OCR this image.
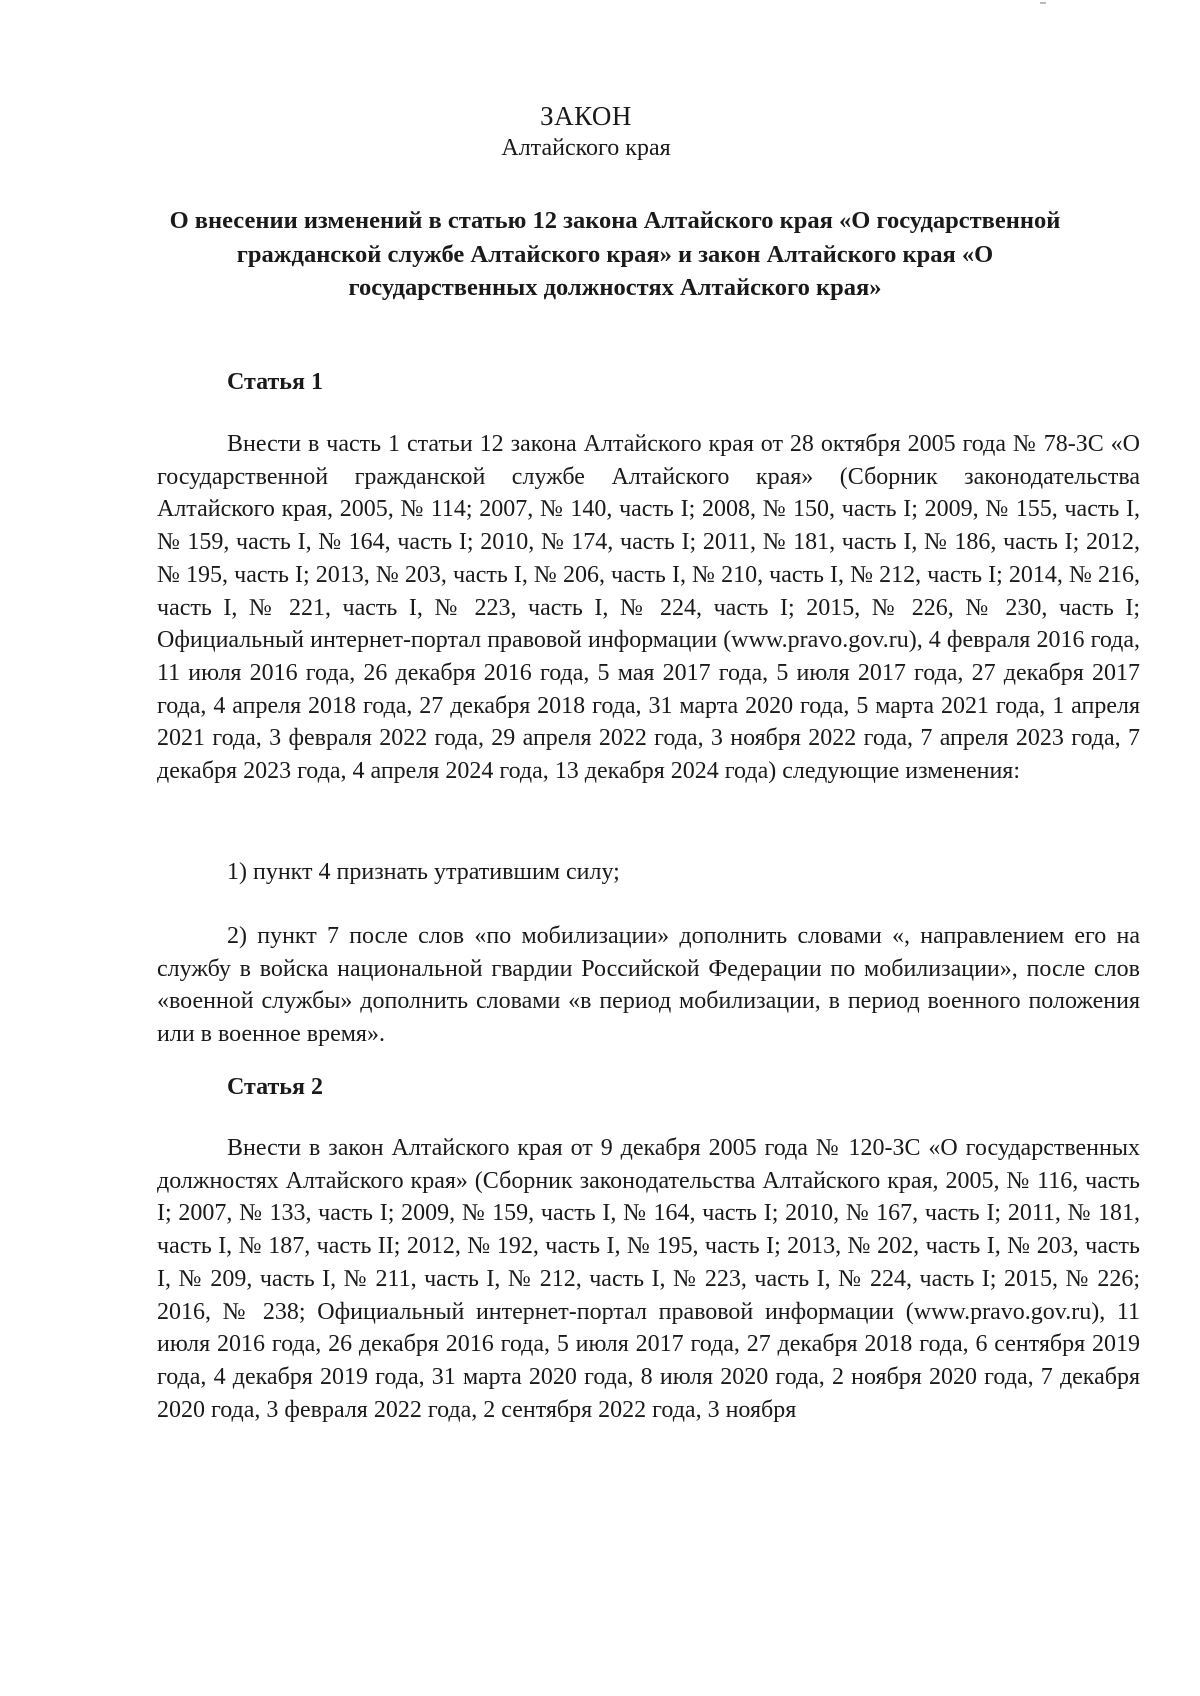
ЗАКОН
Алтайского края
О внесении изменений в статью 12 закона Алтайского края «О государственной гражданской службе Алтайского края» и закон Алтайского края «О государственных должностях Алтайского края»
Статья 1

Внести в часть 1 статьи 12 закона Алтайского края от 28 октября 2005 года № 78-ЗС «О государственной гражданской службе Алтайского края» (Сборник законодательства Алтайского края, 2005, № 114; 2007, № 140, часть I; 2008, № 150, часть I; 2009, № 155, часть I, № 159, часть I, № 164, часть I; 2010, № 174, часть I; 2011, № 181, часть I, № 186, часть I; 2012, № 195, часть I; 2013, № 203, часть I, № 206, часть I, № 210, часть I, № 212, часть I; 2014, № 216, часть I, № 221, часть I, № 223, часть I, № 224, часть I; 2015, № 226, № 230, часть I; Официальный интернет-портал правовой информации (www.pravo.gov.ru), 4 февраля 2016 года, 11 июля 2016 года, 26 декабря 2016 года, 5 мая 2017 года, 5 июля 2017 года, 27 декабря 2017 года, 4 апреля 2018 года, 27 декабря 2018 года, 31 марта 2020 года, 5 марта 2021 года, 1 апреля 2021 года, 3 февраля 2022 года, 29 апреля 2022 года, 3 ноября 2022 года, 7 апреля 2023 года, 7 декабря 2023 года, 4 апреля 2024 года, 13 декабря 2024 года) следующие изменения:

1) пункт 4 признать утратившим силу;

2) пункт 7 после слов «по мобилизации» дополнить словами «, направлением его на службу в войска национальной гвардии Российской Федерации по мобилизации», после слов «военной службы» дополнить словами «в период мобилизации, в период военного положения или в военное время».

Статья 2

Внести в закон Алтайского края от 9 декабря 2005 года № 120-ЗС «О государственных должностях Алтайского края» (Сборник законодательства Алтайского края, 2005, № 116, часть I; 2007, № 133, часть I; 2009, № 159, часть I, № 164, часть I; 2010, № 167, часть I; 2011, № 181, часть I, № 187, часть II; 2012, № 192, часть I, № 195, часть I; 2013, № 202, часть I, № 203, часть I, № 209, часть I, № 211, часть I, № 212, часть I, № 223, часть I, № 224, часть I; 2015, № 226; 2016, № 238; Официальный интернет-портал правовой информации (www.pravo.gov.ru), 11 июля 2016 года, 26 декабря 2016 года, 5 июля 2017 года, 27 декабря 2018 года, 6 сентября 2019 года, 4 декабря 2019 года, 31 марта 2020 года, 8 июля 2020 года, 2 ноября 2020 года, 7 декабря 2020 года, 3 февраля 2022 года, 2 сентября 2022 года, 3 ноября
